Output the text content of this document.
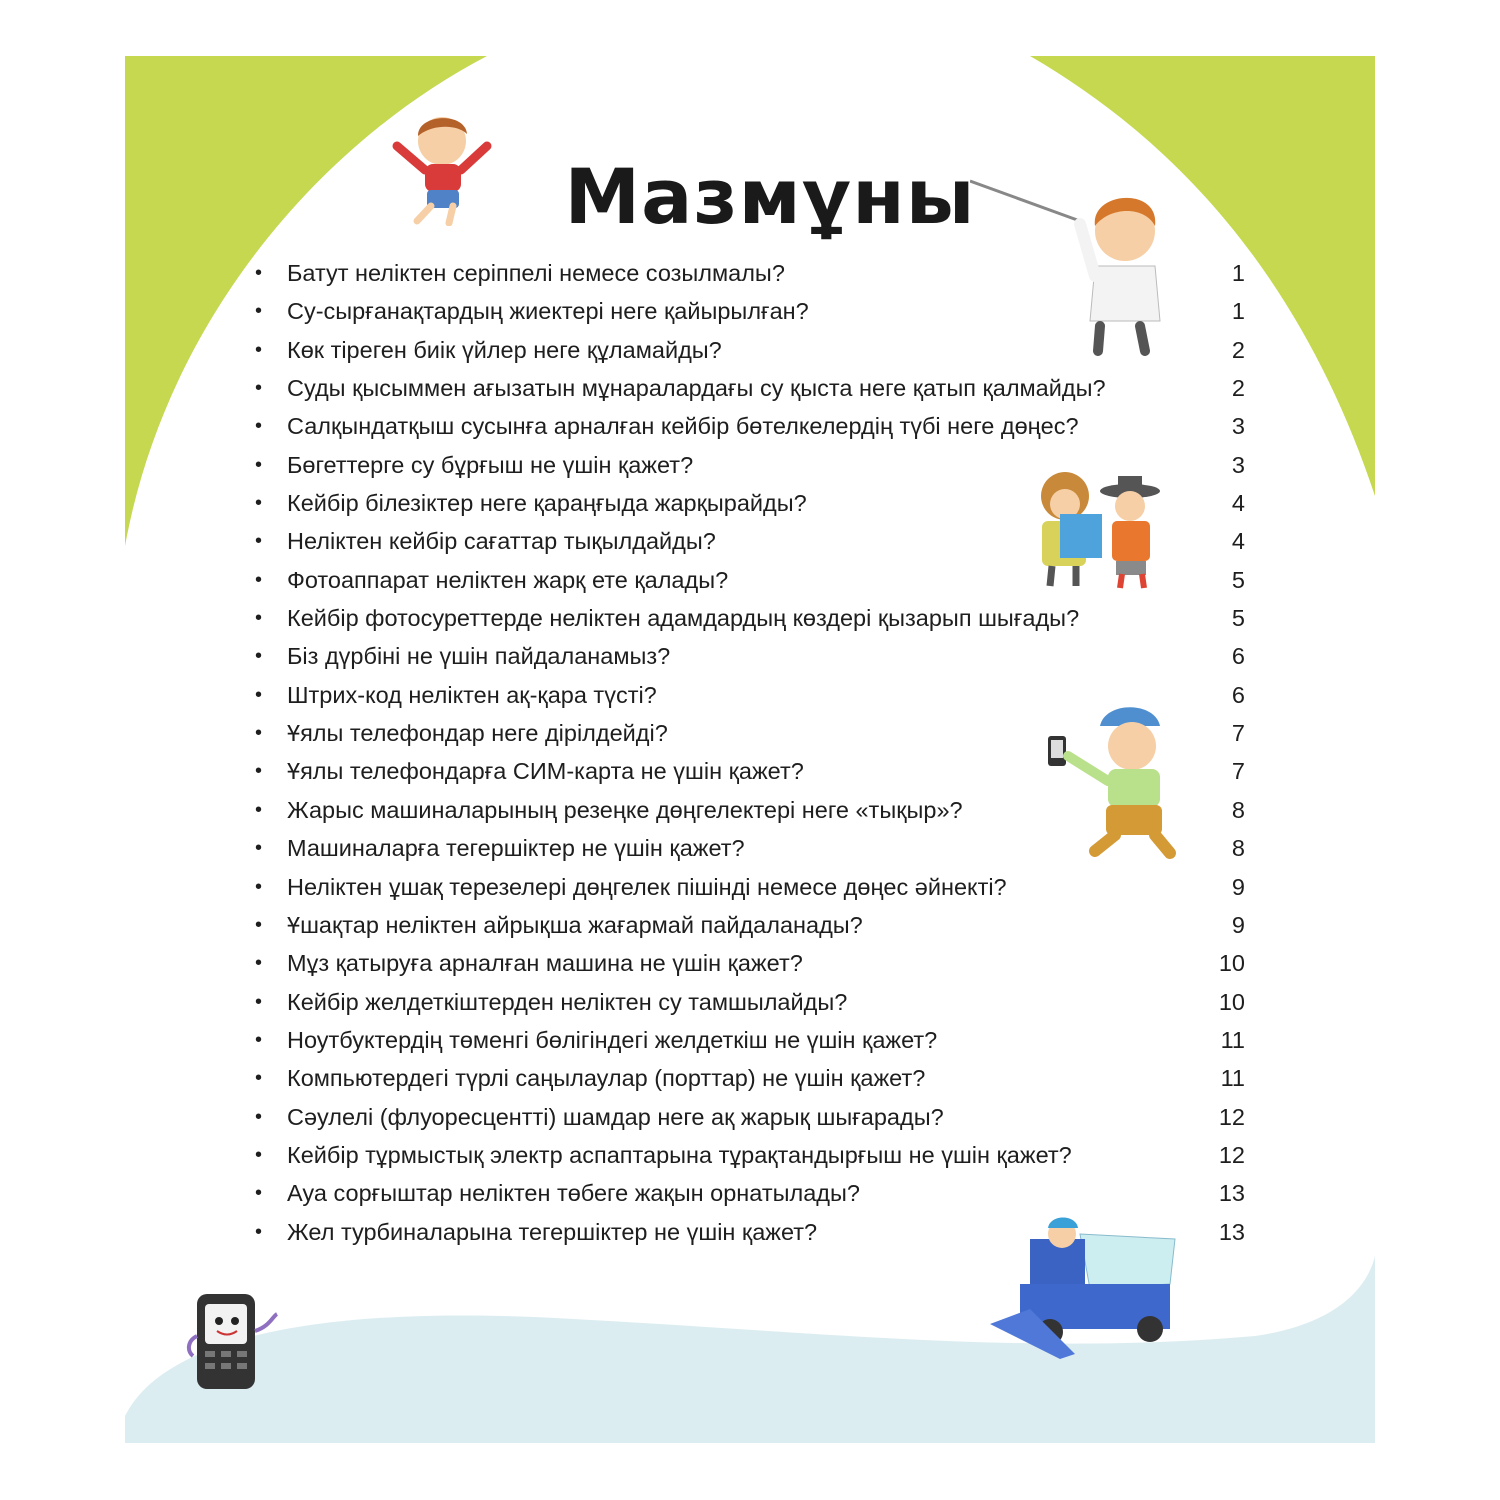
Мазмұны
• Батут неліктен серіппелі немесе созылмалы?	1
• Су-сырғанақтардың жиектері неге қайырылған?	1
• Көк тіреген биік үйлер неге құламайды?	2
• Суды қысыммен ағызатын мұнаралардағы су қыста неге қатып қалмайды?	2
• Салқындатқыш сусынға арналған кейбір бөтелкелердің түбі неге дөңес?	3
• Бөгеттерге су бұрғыш не үшін қажет?	3
• Кейбір білезіктер неге қараңғыда жарқырайды?	4
• Неліктен кейбір сағаттар тықылдайды?	4
• Фотоаппарат неліктен жарқ ете қалады?	5
• Кейбір фотосуреттерде неліктен адамдардың көздері қызарып шығады?	5
• Біз дүрбіні не үшін пайдаланамыз?	6
• Штрих-код неліктен ақ-қара түсті?	6
• Ұялы телефондар неге дірілдейді?	7
• Ұялы телефондарға СИМ-карта не үшін қажет?	7
• Жарыс машиналарының резеңке дөңгелектері неге «тықыр»?	8
• Машиналарға тегершіктер не үшін қажет?	8
• Неліктен ұшақ терезелері дөңгелек пішінді немесе дөңес әйнекті?	9
• Ұшақтар неліктен айрықша жағармай пайдаланады?	9
• Мұз қатыруға арналған машина не үшін қажет?	10
• Кейбір желдеткіштерден неліктен су тамшылайды?	10
• Ноутбуктердің төменгі бөлігіндегі желдеткіш не үшін қажет?	11
• Компьютердегі түрлі саңылаулар (порттар) не үшін қажет?	11
• Сәулелі (флуоресцентті) шамдар неге ақ жарық шығарады?	12
• Кейбір тұрмыстық электр аспаптарына тұрақтандырғыш не үшін қажет?	12
• Ауа сорғыштар неліктен төбеге жақын орнатылады?	13
• Жел турбиналарына тегершіктер не үшін қажет?	13
